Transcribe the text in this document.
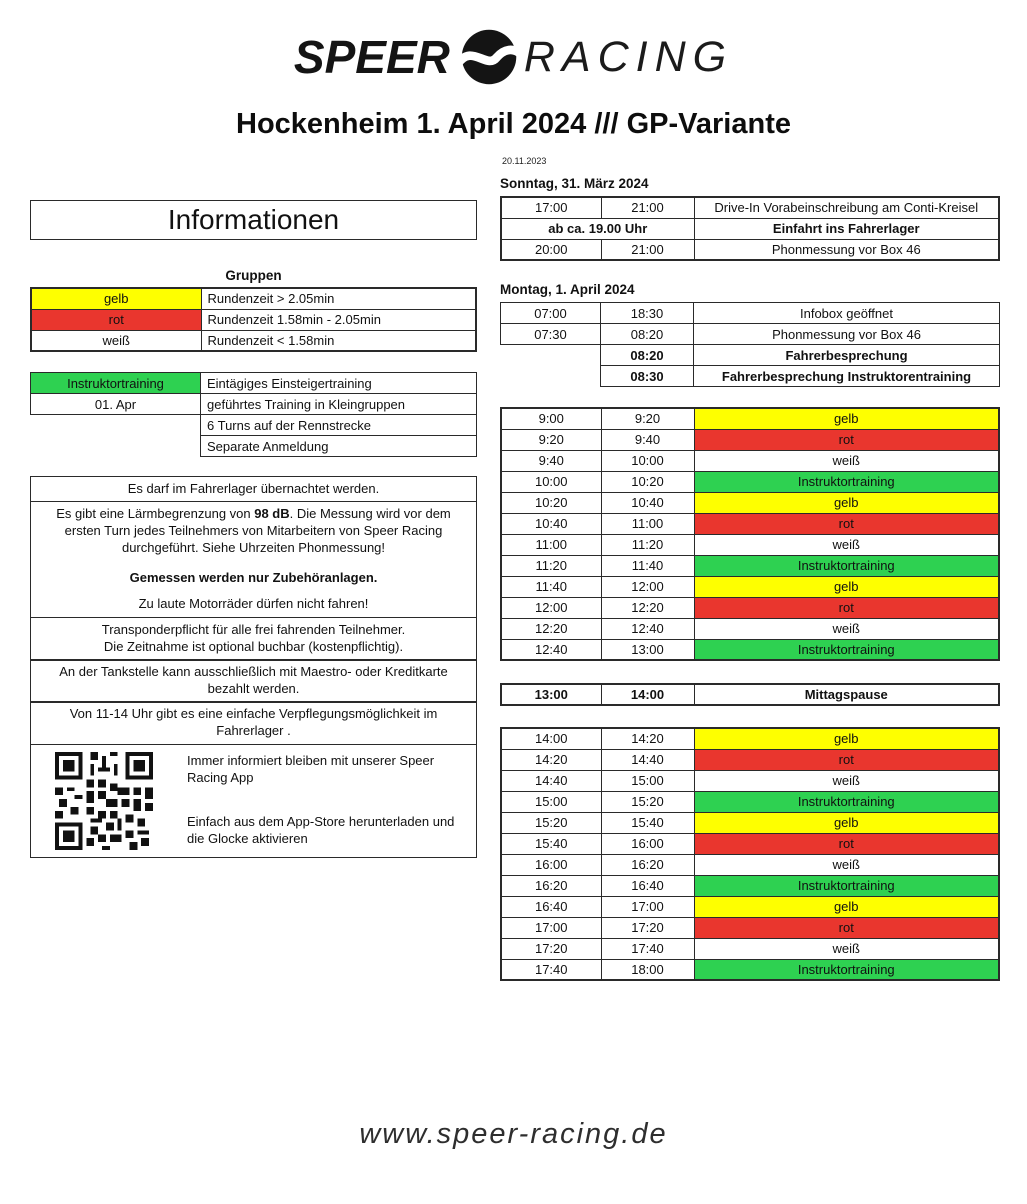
SPEER RACING
Hockenheim 1. April 2024 /// GP-Variante
Informationen
Gruppen
gelb	Rundenzeit > 2.05min
rot	Rundenzeit 1.58min - 2.05min
weiß	Rundenzeit < 1.58min
Instruktortraining	Eintägiges Einsteigertraining
01. Apr	geführtes Training in Kleingruppen
	6 Turns auf der Rennstrecke
	Separate Anmeldung

Es darf im Fahrerlager übernachtet werden.

Es gibt eine Lärmbegrenzung von 98 dB. Die Messung wird vor dem ersten Turn jedes Teilnehmers von Mitarbeitern von Speer Racing durchgeführt. Siehe Uhrzeiten Phonmessung!

Gemessen werden nur Zubehöranlagen.

Zu laute Motorräder dürfen nicht fahren!

Transponderpflicht für alle frei fahrenden Teilnehmer.

Die Zeitnahme ist optional buchbar (kostenpflichtig).

An der Tankstelle kann ausschließlich mit Maestro- oder Kreditkarte bezahlt werden.

Von 11-14 Uhr gibt es eine einfache Verpflegungsmöglichkeit im Fahrerlager .

Immer informiert bleiben mit unserer Speer Racing App

Einfach aus dem App-Store herunterladen und die Glocke aktivieren

20.11.2023
Sonntag, 31. März 2024
17:00	21:00	Drive-In Vorabeinschreibung am Conti-Kreisel
ab ca. 19.00 Uhr		Einfahrt ins Fahrerlager
20:00	21:00	Phonmessung vor Box 46
Montag, 1. April 2024
07:00	18:30	Infobox geöffnet
07:30	08:20	Phonmessung vor Box 46
	08:20	Fahrerbesprechung
	08:30	Fahrerbesprechung Instruktorentraining
9:00	9:20	gelb
9:20	9:40	rot
9:40	10:00	weiß
10:00	10:20	Instruktortraining
10:20	10:40	gelb
10:40	11:00	rot
11:00	11:20	weiß
11:20	11:40	Instruktortraining
11:40	12:00	gelb
12:00	12:20	rot
12:20	12:40	weiß
12:40	13:00	Instruktortraining
13:00	14:00	Mittagspause
14:00	14:20	gelb
14:20	14:40	rot
14:40	15:00	weiß
15:00	15:20	Instruktortraining
15:20	15:40	gelb
15:40	16:00	rot
16:00	16:20	weiß
16:20	16:40	Instruktortraining
16:40	17:00	gelb
17:00	17:20	rot
17:20	17:40	weiß
17:40	18:00	Instruktortraining
www.speer-racing.de
